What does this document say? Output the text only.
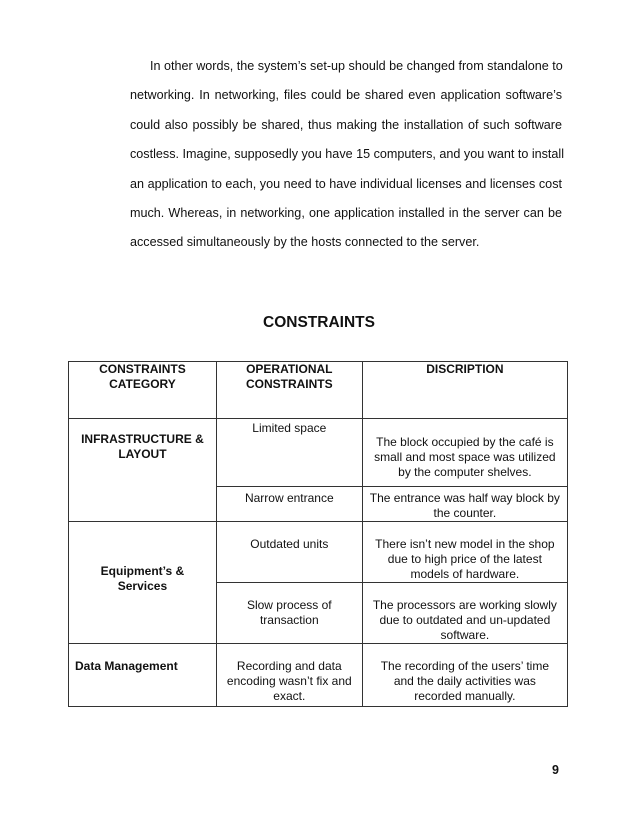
In other words, the system’s set-up should be changed from standalone to
networking. In networking, files could be shared even application software’s
could also possibly be shared, thus making the installation of such software
costless. Imagine, supposedly you have 15 computers, and you want to install
an application to each, you need to have individual licenses and licenses cost
much. Whereas, in networking, one application installed in the server can be
accessed simultaneously by the hosts connected to the server.
CONSTRAINTS
CONSTRAINTS CATEGORY	OPERATIONAL CONSTRAINTS	DISCRIPTION

INFRASTRUCTURE & LAYOUT	Limited space	The block occupied by the café is small and most space was utilized by the computer shelves.

	Narrow entrance	The entrance was half way block by the counter.

Equipment’s & Services	Outdated units	There isn’t new model in the shop due to high price of the latest models of hardware.

	Slow process of transaction	The processors are working slowly due to outdated and un-updated software.

Data Management	Recording and data encoding wasn’t fix and exact.	The recording of the users’ time and the daily activities was recorded manually.
9
